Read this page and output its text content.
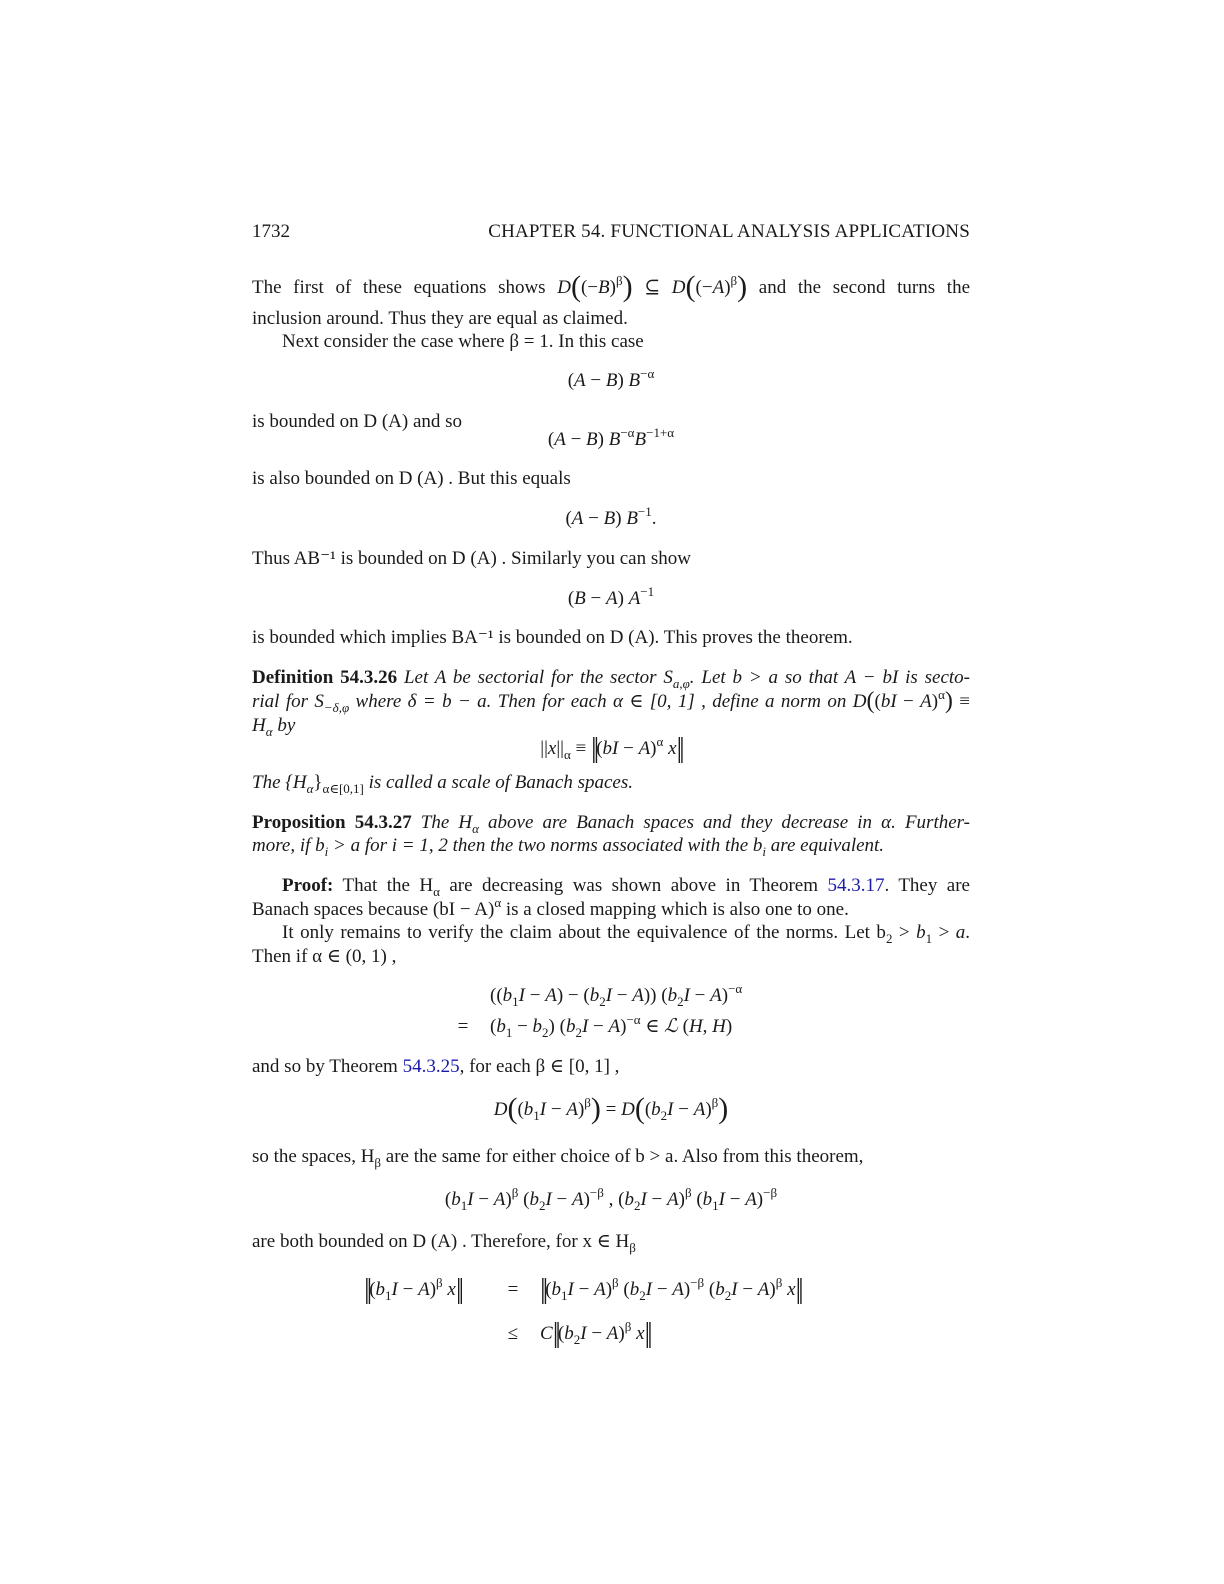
1732	CHAPTER 54. FUNCTIONAL ANALYSIS APPLICATIONS
The first of these equations shows $D((-B)^\beta)$ ⊆ $D((-A)^\beta)$ and the second turns the
inclusion around. Thus they are equal as claimed.
Next consider the case where β = 1. In this case
(A − B) $B^{-\alpha}$
is bounded on D (A) and so
(A − B) $B^{-\alpha}B^{-1+\alpha}$
is also bounded on D (A) . But this equals
(A − B) $B^{-1}$.
Thus AB⁻¹ is bounded on D (A) . Similarly you can show
(B − A) $A^{-1}$
is bounded which implies BA⁻¹ is bounded on D (A). This proves the theorem.
Definition 54.3.26 Let A be sectorial for the sector $S_{a,\varphi}$. Let b > a so that A − bI is secto-
rial for $S_{-\delta,\varphi}$ where δ = b − a. Then for each α ∈ [0, 1] , define a norm on D((bI − A)$^\alpha$) ≡
$H_\alpha$ by
$||x||_\alpha \equiv ||(bI - A)^\alpha$ x||
The $\{H_\alpha\}_{\alpha\in[0,1]}$ is called a scale of Banach spaces.
Proposition 54.3.27 The $H_\alpha$ above are Banach spaces and they decrease in α. Further-
more, if $b_i > a$ for i = 1, 2 then the two norms associated with the $b_i$ are equivalent.
Proof: That the $H_\alpha$ are decreasing was shown above in Theorem 54.3.17. They are
Banach spaces because (bI − A)$^\alpha$ is a closed mapping which is also one to one.
It only remains to verify the claim about the equivalence of the norms. Let $b_2 > b_1 > a$.
Then if α ∈ (0, 1) ,
$((b_1I - A) - (b_2I - A)) (b_2I - A)^{-\alpha}$
=	$(b_1 - b_2) (b_2I - A)^{-\alpha}$ ∈ ℒ (H, H)
and so by Theorem 54.3.25, for each β ∈ [0, 1] ,
$D((b_1I - A)^\beta) = D((b_2I - A)^\beta)$
so the spaces, $H_\beta$ are the same for either choice of b > a. Also from this theorem,
$(b_1I - A)^\beta$ $(b_2I - A)^{-\beta}$ , $(b_2I - A)^\beta$ $(b_1I - A)^{-\beta}$
are both bounded on D (A) . Therefore, for x ∈ $H_\beta$
$||(b_1I - A)^\beta$ x||	= $||(b_1I - A)^\beta$ $(b_2I - A)^{-\beta}$ $(b_2I - A)^\beta$ x||
≤	$C||(b_2I - A)^\beta$ x||
